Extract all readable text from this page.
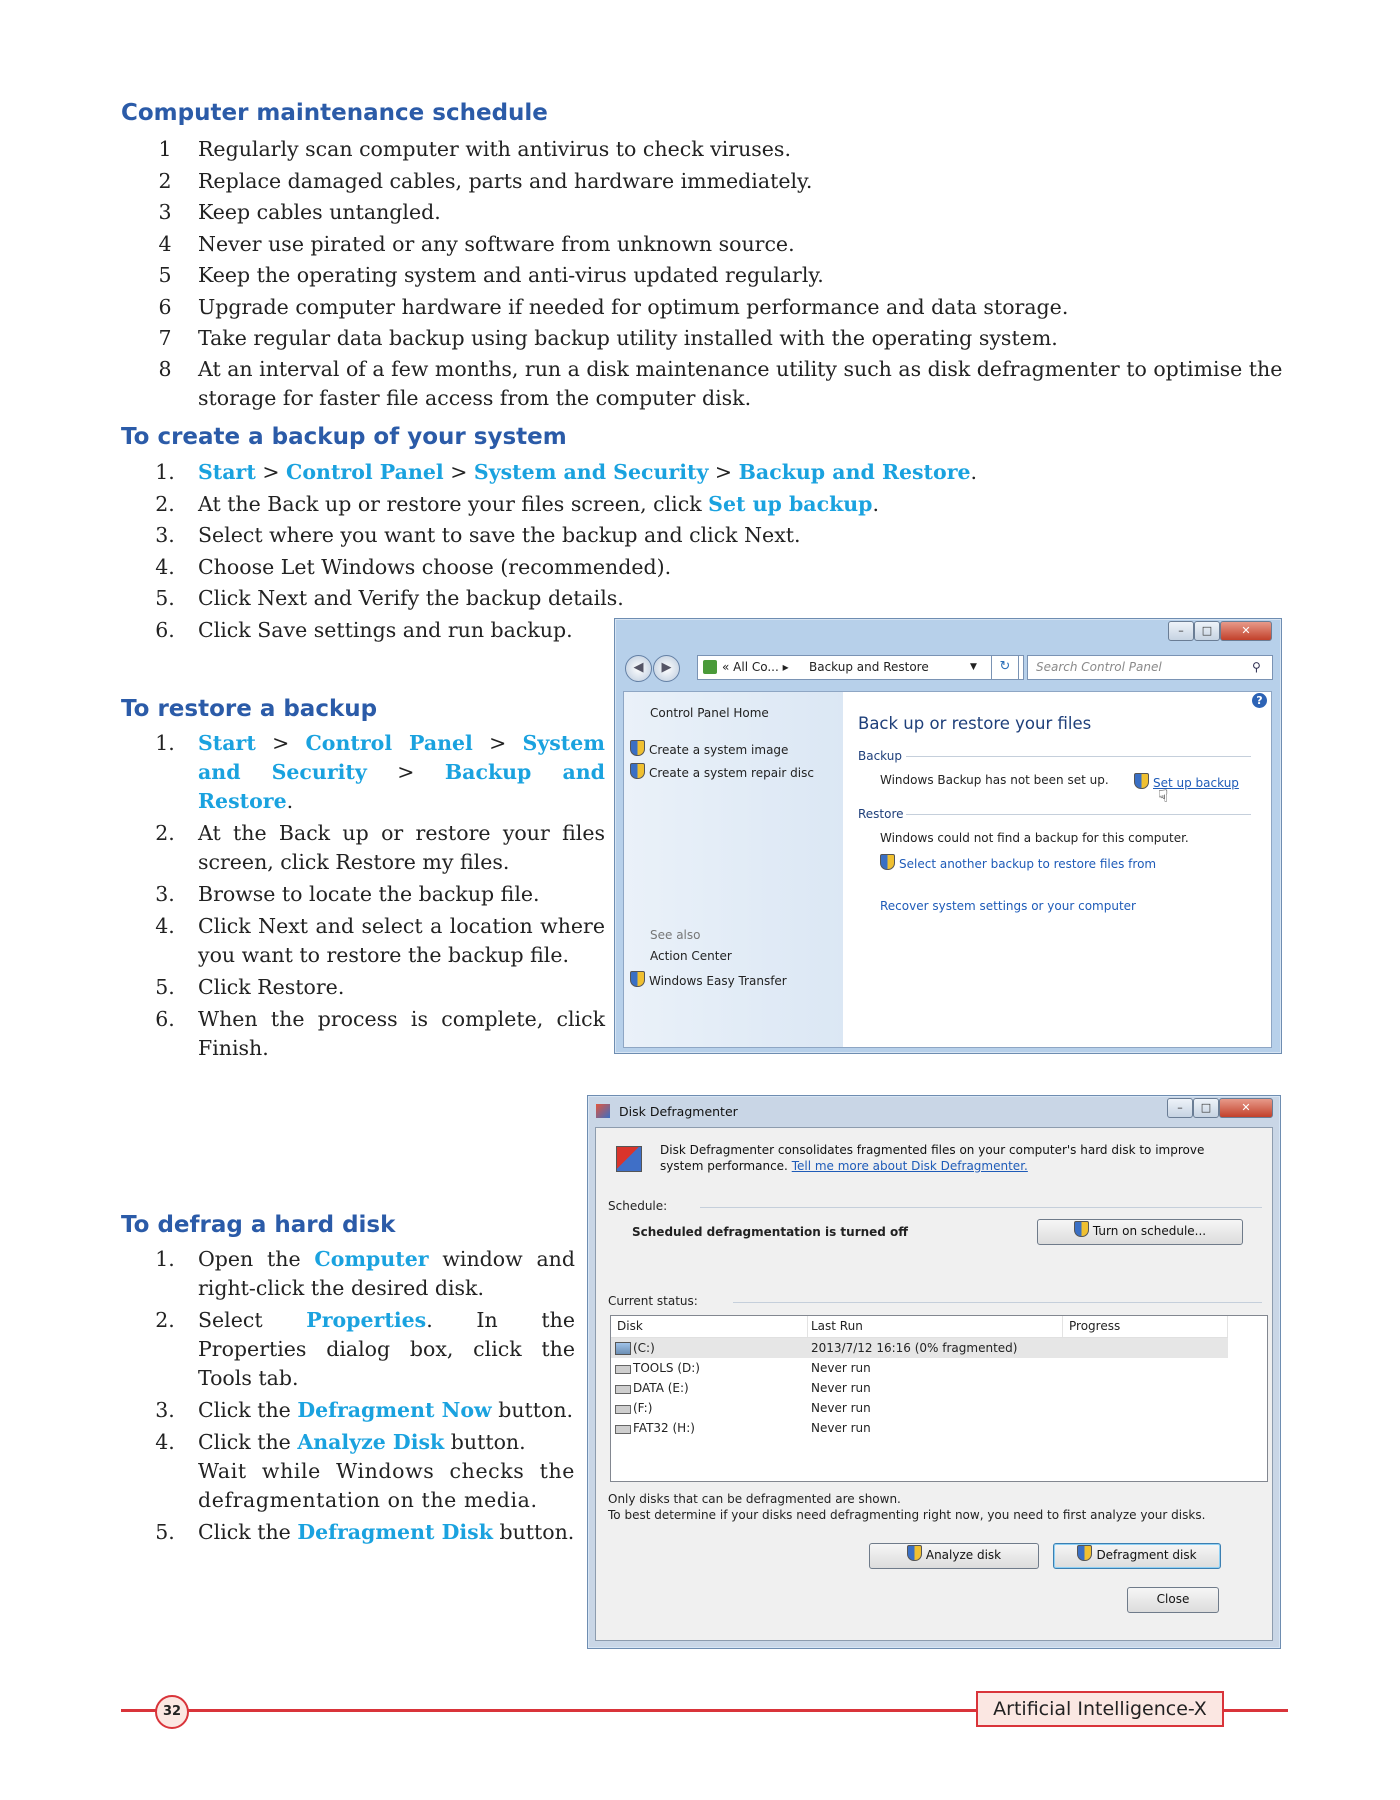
Computer maintenance schedule
1	Regularly scan computer with antivirus to check viruses.
2	Replace damaged cables, parts and hardware immediately.
3	Keep cables untangled.
4	Never use pirated or any software from unknown source.
5	Keep the operating system and anti-virus updated regularly.
6	Upgrade computer hardware if needed for optimum performance and data storage.
7	Take regular data backup using backup utility installed with the operating system.
8	At an interval of a few months, run a disk maintenance utility such as disk defragmenter to optimise the storage for faster file access from the computer disk.
To create a backup of your system
1. Start > Control Panel > System and Security > Backup and Restore.
2. At the Back up or restore your files screen, click Set up backup.
3. Select where you want to save the backup and click Next.
4. Choose Let Windows choose (recommended).
5. Click Next and Verify the backup details.
6. Click Save settings and run backup.
To restore a backup
1. Start > Control Panel > System and Security > Backup and Restore.
2. At the Back up or restore your files screen, click Restore my files.
3. Browse to locate the backup file.
4. Click Next and select a location where you want to restore the backup file.
5. Click Restore.
6. When the process is complete, click Finish.
To defrag a hard disk
1. Open the Computer window and right-click the desired disk.
2. Select Properties. In the Properties dialog box, click the Tools tab.
3. Click the Defragment Now button.
4. Click the Analyze Disk button.
Wait while Windows checks the defragmentation on the media.
5. Click the Defragment Disk button.
–	□	✕
◀	▶	« All Co... ▸ Backup and Restore	▼	↻	Search Control Panel	⚲
Control Panel Home
Create a system image
Create a system repair disc
See also
Action Center
Windows Easy Transfer
?
Back up or restore your files
Backup
Windows Backup has not been set up.	Set up backup
☟
Restore
Windows could not find a backup for this computer.
Select another backup to restore files from
Recover system settings or your computer
Disk Defragmenter	–	□	✕
Disk Defragmenter consolidates fragmented files on your computer's hard disk to improve system performance. Tell me more about Disk Defragmenter.
Schedule:
Scheduled defragmentation is turned off	Turn on schedule...
Current status:
Disk	Last Run	Progress
(C:)	2013/7/12 16:16 (0% fragmented)
TOOLS (D:)	Never run
DATA (E:)	Never run
(F:)	Never run
FAT32 (H:)	Never run
Only disks that can be defragmented are shown.
To best determine if your disks need defragmenting right now, you need to first analyze your disks.
Analyze disk	Defragment disk
Close
32	Artificial Intelligence-X
